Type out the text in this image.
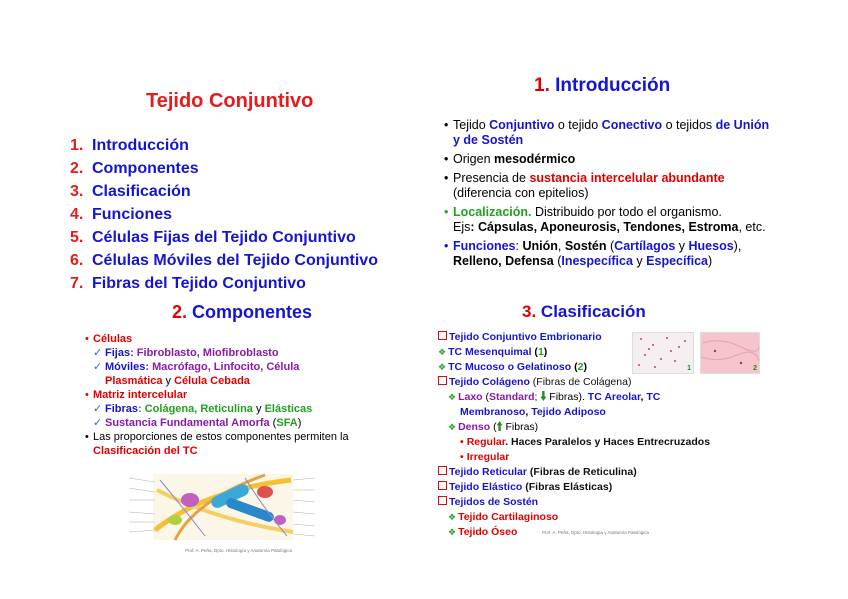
Tejido Conjuntivo
1. Introducción
2. Componentes
3. Clasificación
4. Funciones
5. Células Fijas del Tejido Conjuntivo
6. Células Móviles del Tejido Conjuntivo
7. Fibras del Tejido Conjuntivo
1. Introducción
• Tejido Conjuntivo o tejido Conectivo o tejidos de Unión y de Sostén
• Origen mesodérmico
• Presencia de sustancia intercelular abundante
(diferencia con epitelios)
• Localización. Distribuido por todo el organismo.
Ejs: Cápsulas, Aponeurosis, Tendones, Estroma, etc.
• Funciones: Unión, Sostén (Cartílagos y Huesos),
Relleno, Defensa (Inespecífica y Específica)
2. Componentes
• Células
✓ Fijas: Fibroblasto, Miofibroblasto
✓ Móviles: Macrófago, Linfocito, Célula
Plasmática y Célula Cebada
• Matriz intercelular
✓ Fibras: Colágena, Reticulina y Elásticas
✓ Sustancia Fundamental Amorfa (SFA)
• Las proporciones de estos componentes permiten la
Clasificación del TC
Prof. A. Peña, Dpto. Histología y Anatomía Patológica
3. Clasificación
1	2
Tejido Conjuntivo Embrionario
❖ TC Mesenquimal (1)
❖ TC Mucoso o Gelatinoso (2)
Tejido Colágeno (Fibras de Colágena)
❖ Laxo (Standard;  Fibras). TC Areolar, TC
Membranoso, Tejido Adiposo
❖ Denso ( Fibras)
• Regular. Haces Paralelos y Haces Entrecruzados
• Irregular
Tejido Reticular (Fibras de Reticulina)
Tejido Elástico (Fibras Elásticas)
Tejidos de Sostén
❖ Tejido Cartilaginoso
❖ Tejido Óseo	Prof. A. Peña, Dpto. Histología y Anatomía Patológica
